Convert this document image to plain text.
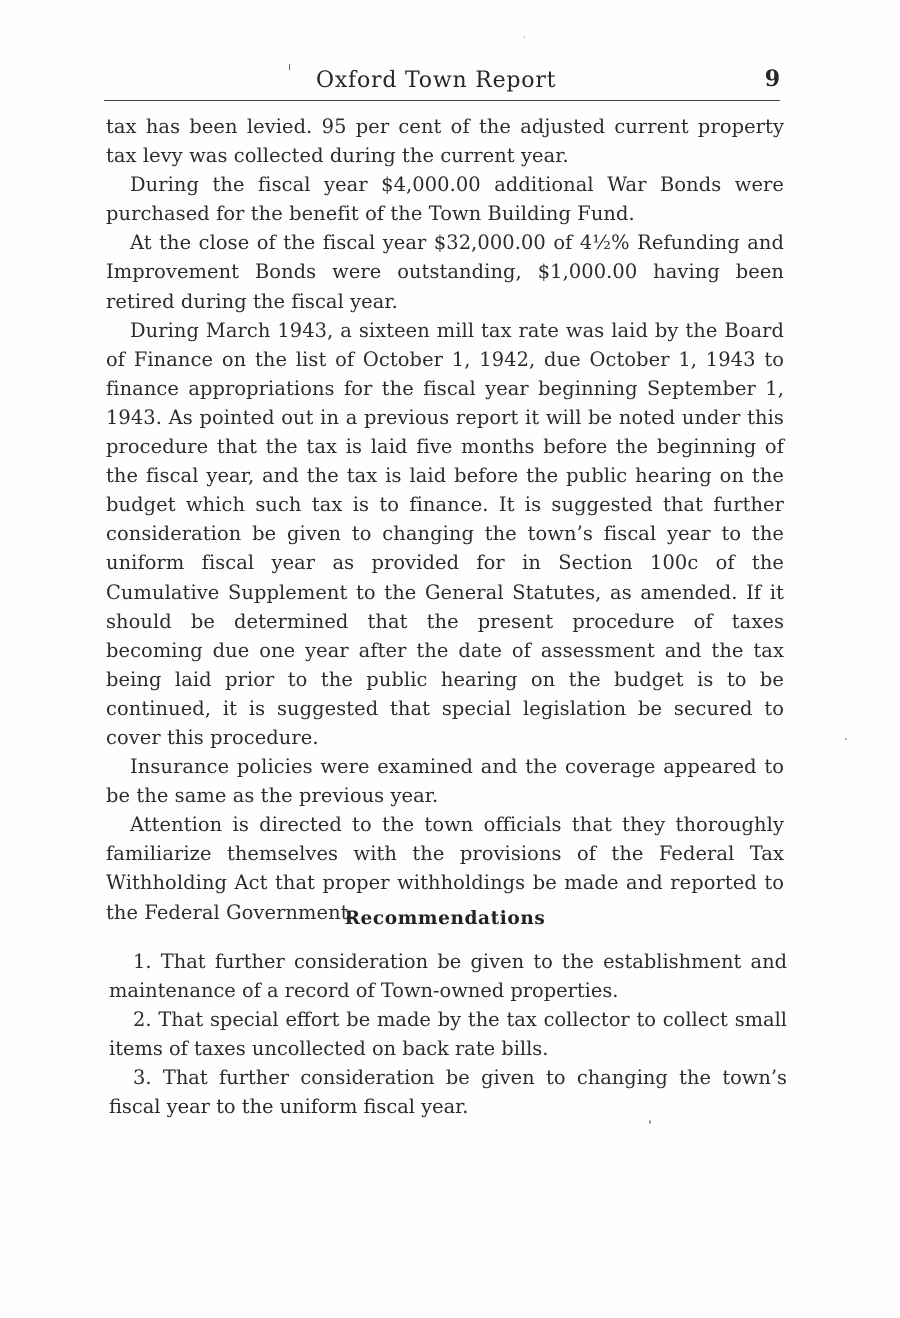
Oxford Town Report	9

tax has been levied. 95 per cent of the adjusted current property tax levy was collected during the current year.

During the fiscal year $4,000.00 additional War Bonds were purchased for the benefit of the Town Building Fund.

At the close of the fiscal year $32,000.00 of 4½% Refunding and Improvement Bonds were outstanding, $1,000.00 having been retired during the fiscal year.

During March 1943, a sixteen mill tax rate was laid by the Board of Finance on the list of October 1, 1942, due October 1, 1943 to finance appropriations for the fiscal year beginning September 1, 1943. As pointed out in a previous report it will be noted under this procedure that the tax is laid five months before the beginning of the fiscal year, and the tax is laid before the public hearing on the budget which such tax is to finance. It is suggested that further consideration be given to changing the town’s fiscal year to the uniform fiscal year as provided for in Section 100c of the Cumulative Supplement to the General Statutes, as amended. If it should be determined that the present procedure of taxes becoming due one year after the date of assessment and the tax being laid prior to the public hearing on the budget is to be continued, it is suggested that special legislation be secured to cover this procedure.

Insurance policies were examined and the coverage appeared to be the same as the previous year.

Attention is directed to the town officials that they thoroughly familiarize themselves with the provisions of the Federal Tax Withholding Act that proper withholdings be made and reported to the Federal Government.

Recommendations

1. That further consideration be given to the establishment and maintenance of a record of Town-owned properties.

2. That special effort be made by the tax collector to collect small items of taxes uncollected on back rate bills.

3. That further consideration be given to changing the town’s fiscal year to the uniform fiscal year.
